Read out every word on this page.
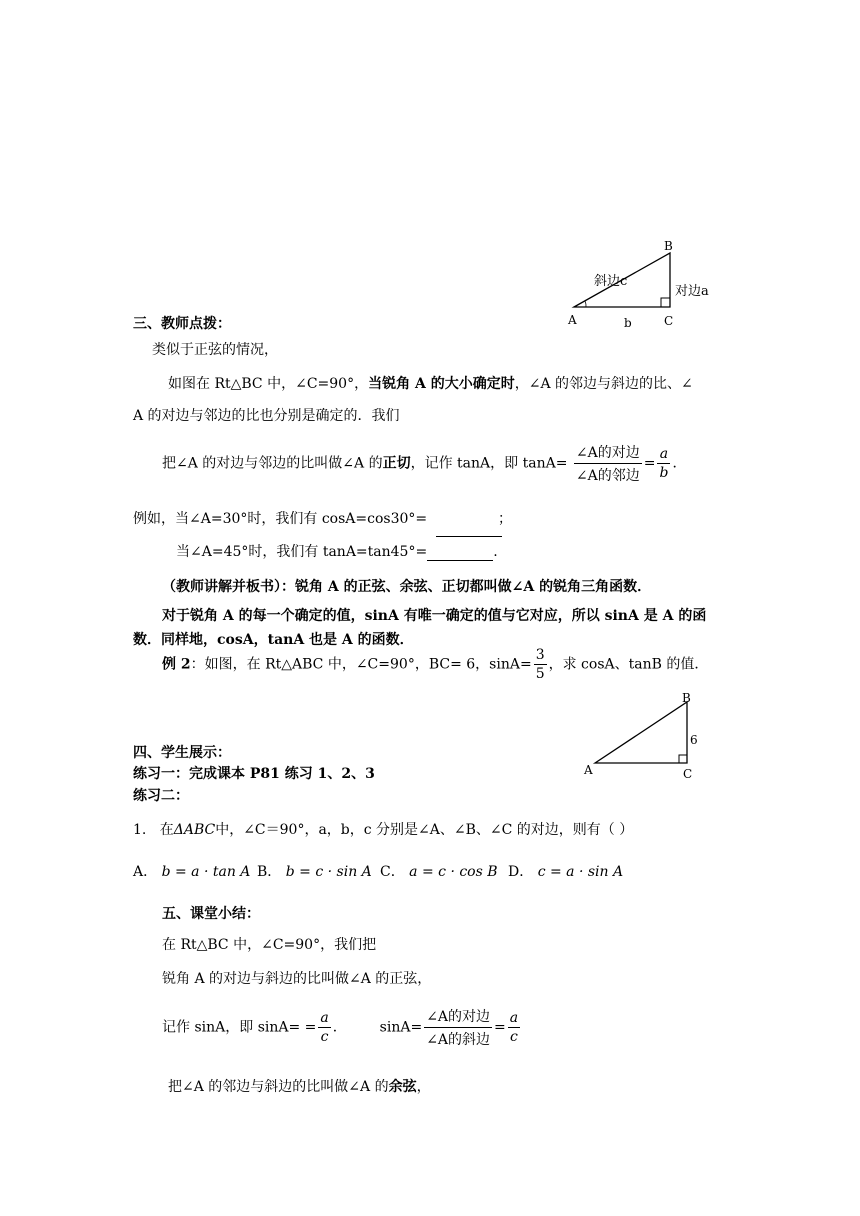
A
B
C
斜边c
对边a
b
三、教师点拨：
类似于正弦的情况，
如图在 Rt△BC 中，∠C=90°，当锐角 A 的大小确定时，∠A 的邻边与斜边的比、∠
A 的对边与邻边的比也分别是确定的．我们
把∠A 的对边与邻边的比叫做∠A 的正切，记作 tanA，即 $\tan A= \frac{\text{∠A的对边}}{\text{∠A的邻边}} = \frac{a}{b}$ ．
例如，当∠A=30°时，我们有 cosA=cos30°=	；
当∠A=45°时，我们有 tanA=tan45°=	.
（教师讲解并板书）：锐角 A 的正弦、余弦、正切都叫做∠A 的锐角三角函数．
对于锐角 A 的每一个确定的值，sinA 有唯一确定的值与它对应，所以 sinA 是 A 的函
数．同样地，cosA，tanA 也是 A 的函数．
例 2：如图，在 Rt△ABC 中，∠C=90°，BC= 6，$\sin A= \frac{3}{5}$ ，求 cosA、tanB 的值．
A
B
C
6
四、学生展示：
练习一：完成课本 P81 练习 1、2、3
练习二：
1. 在ΔABC中，∠C＝90°，a，b，c 分别是∠A、∠B、∠C 的对边，则有（ ）
A． b = a · tan A B． b = c · sin A C． a = c · cos B D． c = a · sin A
五、课堂小结：
在 Rt△BC 中，∠C=90°，我们把
锐角 A 的对边与斜边的比叫做∠A 的正弦，
记作 sinA，即 $\sin A= = \frac{a}{c}$ ． $\sin A= \frac{\text{∠A的对边}}{\text{∠A的斜边}} = \frac{a}{c}$
把∠A 的邻边与斜边的比叫做∠A 的余弦，
